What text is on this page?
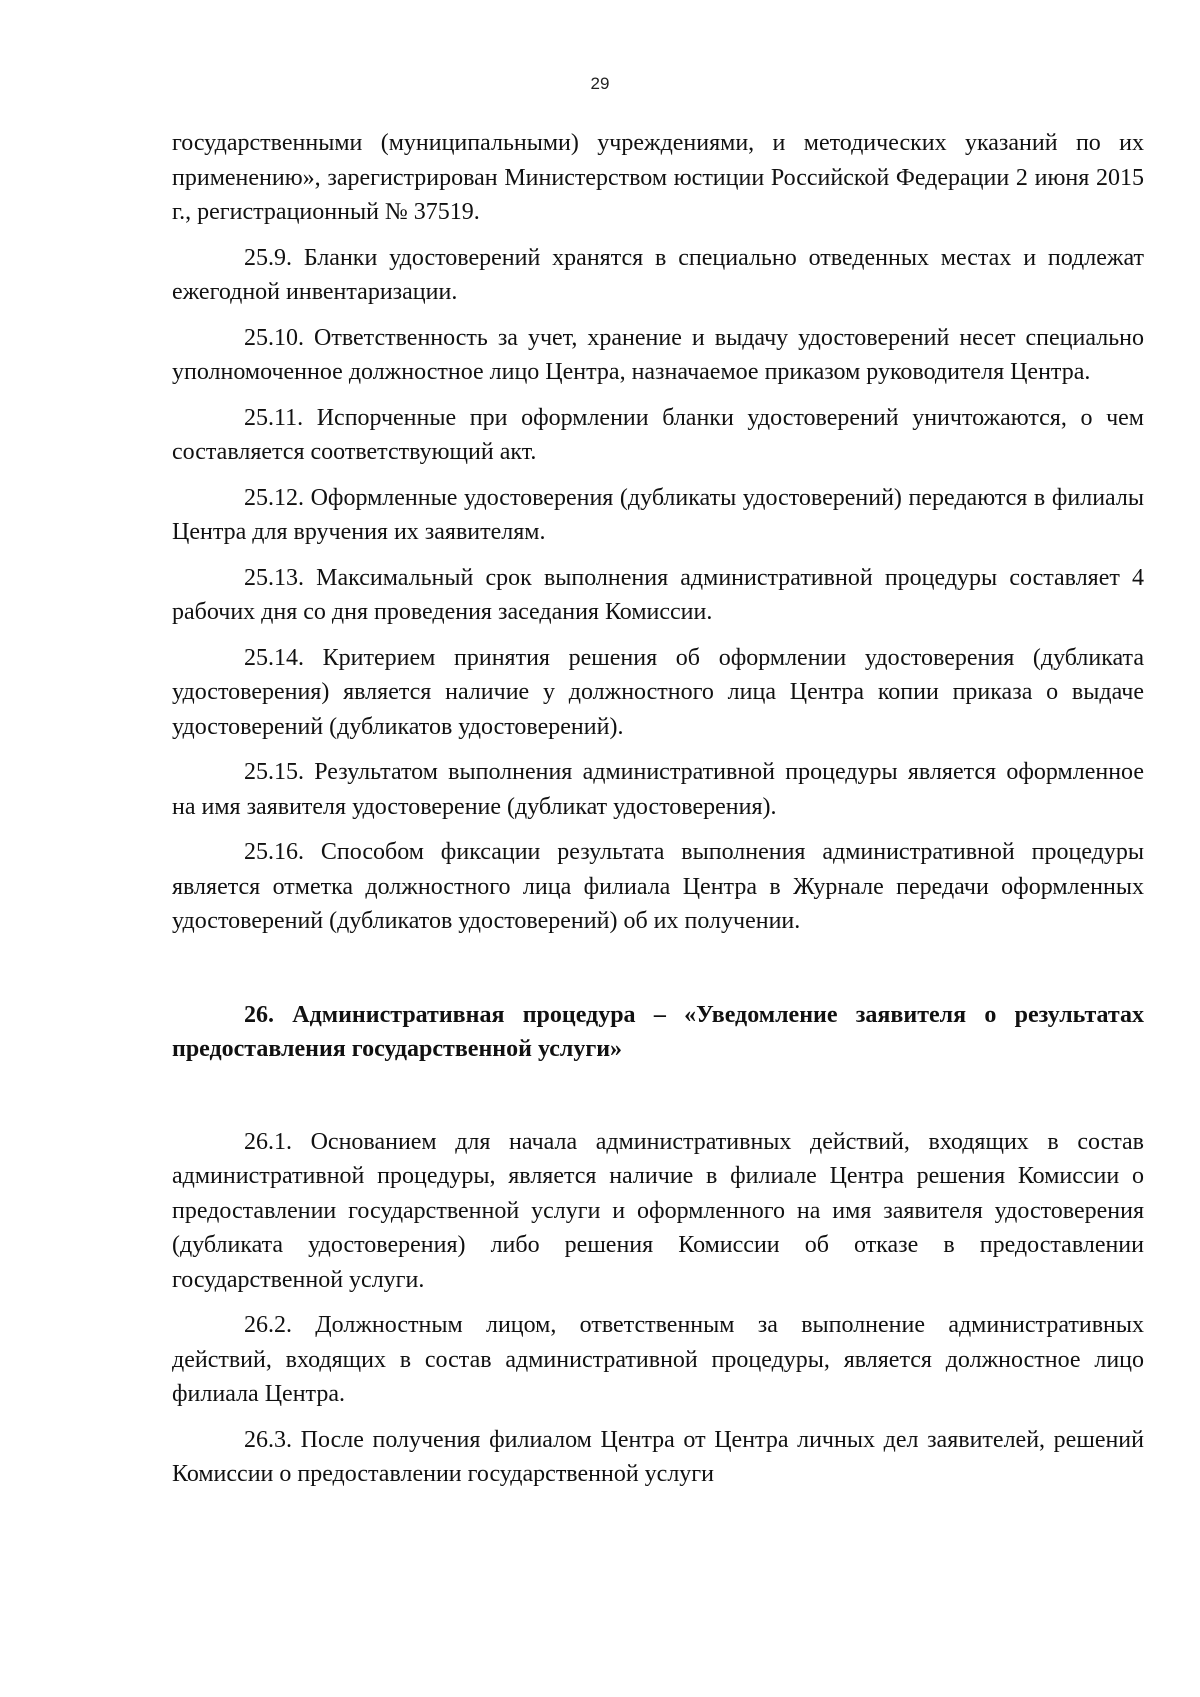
29

государственными (муниципальными) учреждениями, и методических указаний по их применению», зарегистрирован Министерством юстиции Российской Федерации 2 июня 2015 г., регистрационный № 37519.

25.9. Бланки удостоверений хранятся в специально отведенных местах и подлежат ежегодной инвентаризации.

25.10. Ответственность за учет, хранение и выдачу удостоверений несет специально уполномоченное должностное лицо Центра, назначаемое приказом руководителя Центра.

25.11. Испорченные при оформлении бланки удостоверений уничтожаются, о чем составляется соответствующий акт.

25.12. Оформленные удостоверения (дубликаты удостоверений) передаются в филиалы Центра для вручения их заявителям.

25.13. Максимальный срок выполнения административной процедуры составляет 4 рабочих дня со дня проведения заседания Комиссии.

25.14. Критерием принятия решения об оформлении удостоверения (дубликата удостоверения) является наличие у должностного лица Центра копии приказа о выдаче удостоверений (дубликатов удостоверений).

25.15. Результатом выполнения административной процедуры является оформленное на имя заявителя удостоверение (дубликат удостоверения).

25.16. Способом фиксации результата выполнения административной процедуры является отметка должностного лица филиала Центра в Журнале передачи оформленных удостоверений (дубликатов удостоверений) об их получении.

26. Административная процедура – «Уведомление заявителя о результатах предоставления государственной услуги»

26.1. Основанием для начала административных действий, входящих в состав административной процедуры, является наличие в филиале Центра решения Комиссии о предоставлении государственной услуги и оформленного на имя заявителя удостоверения (дубликата удостоверения) либо решения Комиссии об отказе в предоставлении государственной услуги.

26.2. Должностным лицом, ответственным за выполнение административных действий, входящих в состав административной процедуры, является должностное лицо филиала Центра.

26.3. После получения филиалом Центра от Центра личных дел заявителей, решений Комиссии о предоставлении государственной услуги
